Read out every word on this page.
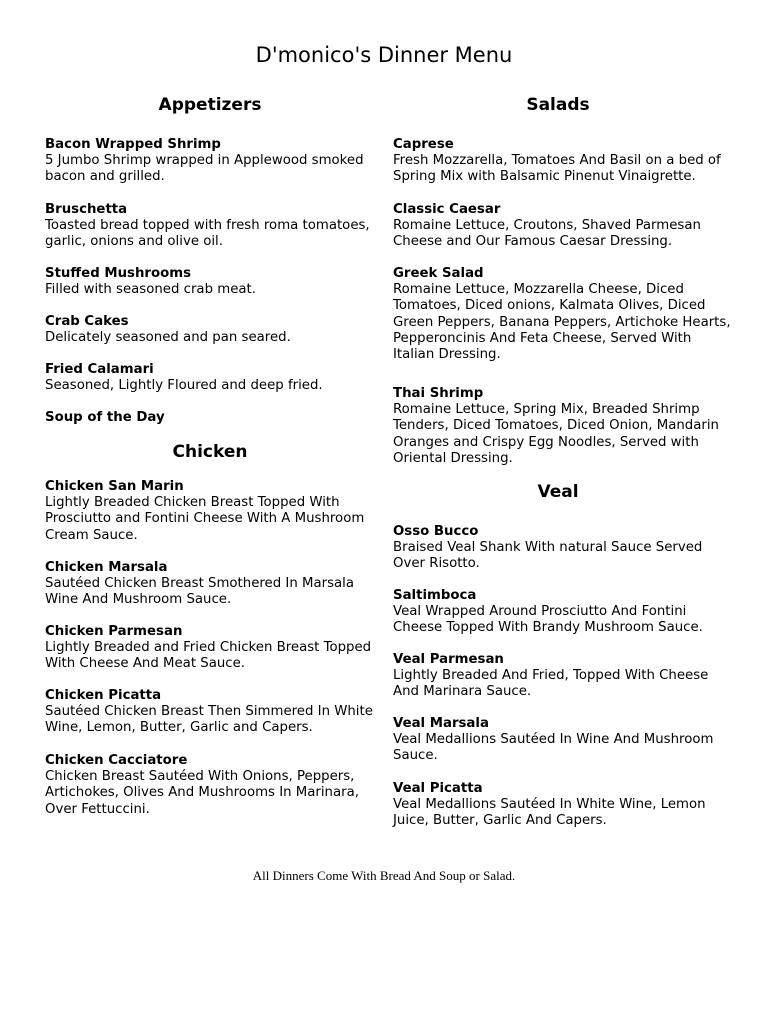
D'monico's Dinner Menu
Appetizers
Bacon Wrapped Shrimp
5 Jumbo Shrimp wrapped in Applewood smoked bacon and grilled.
Bruschetta
Toasted bread topped with fresh roma tomatoes, garlic, onions and olive oil.
Stuffed Mushrooms
Filled with seasoned crab meat.
Crab Cakes
Delicately seasoned and pan seared.
Fried Calamari
Seasoned, Lightly Floured and deep fried.
Soup of the Day
Chicken
Chicken San Marin
Lightly Breaded Chicken Breast Topped With Prosciutto and Fontini Cheese With A Mushroom Cream Sauce.
Chicken Marsala
Sautéed Chicken Breast Smothered In Marsala Wine And Mushroom Sauce.
Chicken Parmesan
Lightly Breaded and Fried Chicken Breast Topped With Cheese And Meat Sauce.
Chicken Picatta
Sautéed Chicken Breast Then Simmered In White Wine, Lemon, Butter, Garlic and Capers.
Chicken Cacciatore
Chicken Breast Sautéed With Onions, Peppers, Artichokes, Olives And Mushrooms In Marinara, Over Fettuccini.
Salads
Caprese
Fresh Mozzarella, Tomatoes And Basil on a bed of Spring Mix with Balsamic Pinenut Vinaigrette.
Classic Caesar
Romaine Lettuce, Croutons, Shaved Parmesan Cheese and Our Famous Caesar Dressing.
Greek Salad
Romaine Lettuce, Mozzarella Cheese, Diced Tomatoes, Diced onions, Kalmata Olives, Diced Green Peppers, Banana Peppers, Artichoke Hearts, Pepperoncinis And Feta Cheese, Served With Italian Dressing.
Thai Shrimp
Romaine Lettuce, Spring Mix, Breaded Shrimp Tenders, Diced Tomatoes, Diced Onion, Mandarin Oranges and Crispy Egg Noodles, Served with Oriental Dressing.
Veal
Osso Bucco
Braised Veal Shank With natural Sauce Served Over Risotto.
Saltimboca
Veal Wrapped Around Prosciutto And Fontini Cheese Topped With Brandy Mushroom Sauce.
Veal Parmesan
Lightly Breaded And Fried, Topped With Cheese And Marinara Sauce.
Veal Marsala
Veal Medallions Sautéed In Wine And Mushroom Sauce.
Veal Picatta
Veal Medallions Sautéed In White Wine, Lemon Juice, Butter, Garlic And Capers.
All Dinners Come With Bread And Soup or Salad.
